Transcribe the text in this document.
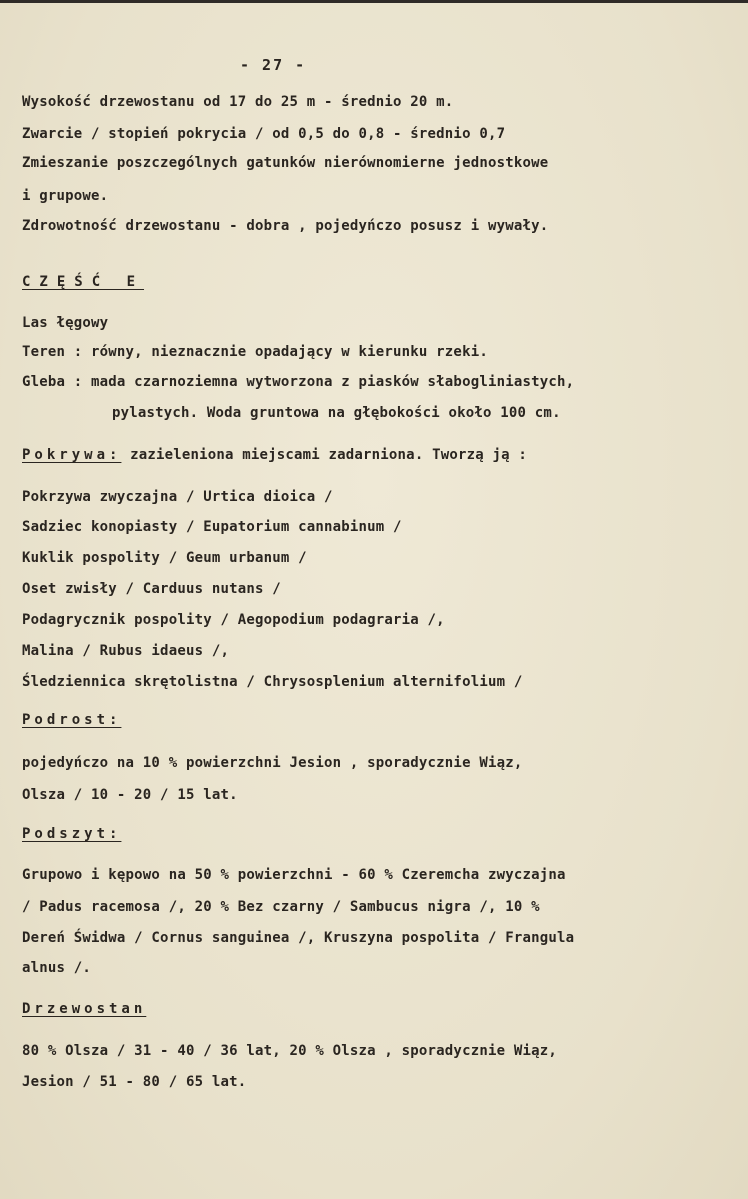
- 27 -
Wysokość drzewostanu od 17 do 25 m - średnio 20 m.
Zwarcie / stopień pokrycia / od 0,5 do 0,8 - średnio 0,7
Zmieszanie poszczególnych gatunków nierównomierne jednostkowe
i grupowe.
Zdrowotność drzewostanu - dobra , pojedyńczo posusz i wywały.
CZĘŚĆ E
Las łęgowy
Teren : równy, nieznacznie opadający w kierunku rzeki.
Gleba : mada czarnoziemna wytworzona z piasków słabogliniastych,
pylastych. Woda gruntowa na głębokości około 100 cm.
Pokrywa: zazieleniona miejscami zadarniona. Tworzą ją :
Pokrzywa zwyczajna / Urtica dioica /
Sadziec konopiasty / Eupatorium cannabinum /
Kuklik pospolity / Geum urbanum /
Oset zwisły / Carduus nutans /
Podagrycznik pospolity / Aegopodium podagraria /,
Malina / Rubus idaeus /,
Śledziennica skrętolistna / Chrysosplenium alternifolium /
Podrost:
pojedyńczo na 10 % powierzchni Jesion , sporadycznie Wiąz,
Olsza / 10 - 20 / 15 lat.
Podszyt:
Grupowo i kępowo na 50 % powierzchni - 60 % Czeremcha zwyczajna
/ Padus racemosa /, 20 % Bez czarny / Sambucus nigra /, 10 %
Dereń Świdwa / Cornus sanguinea /, Kruszyna pospolita / Frangula
alnus /.
Drzewostan
80 % Olsza / 31 - 40 / 36 lat, 20 % Olsza , sporadycznie Wiąz,
Jesion / 51 - 80 / 65 lat.
